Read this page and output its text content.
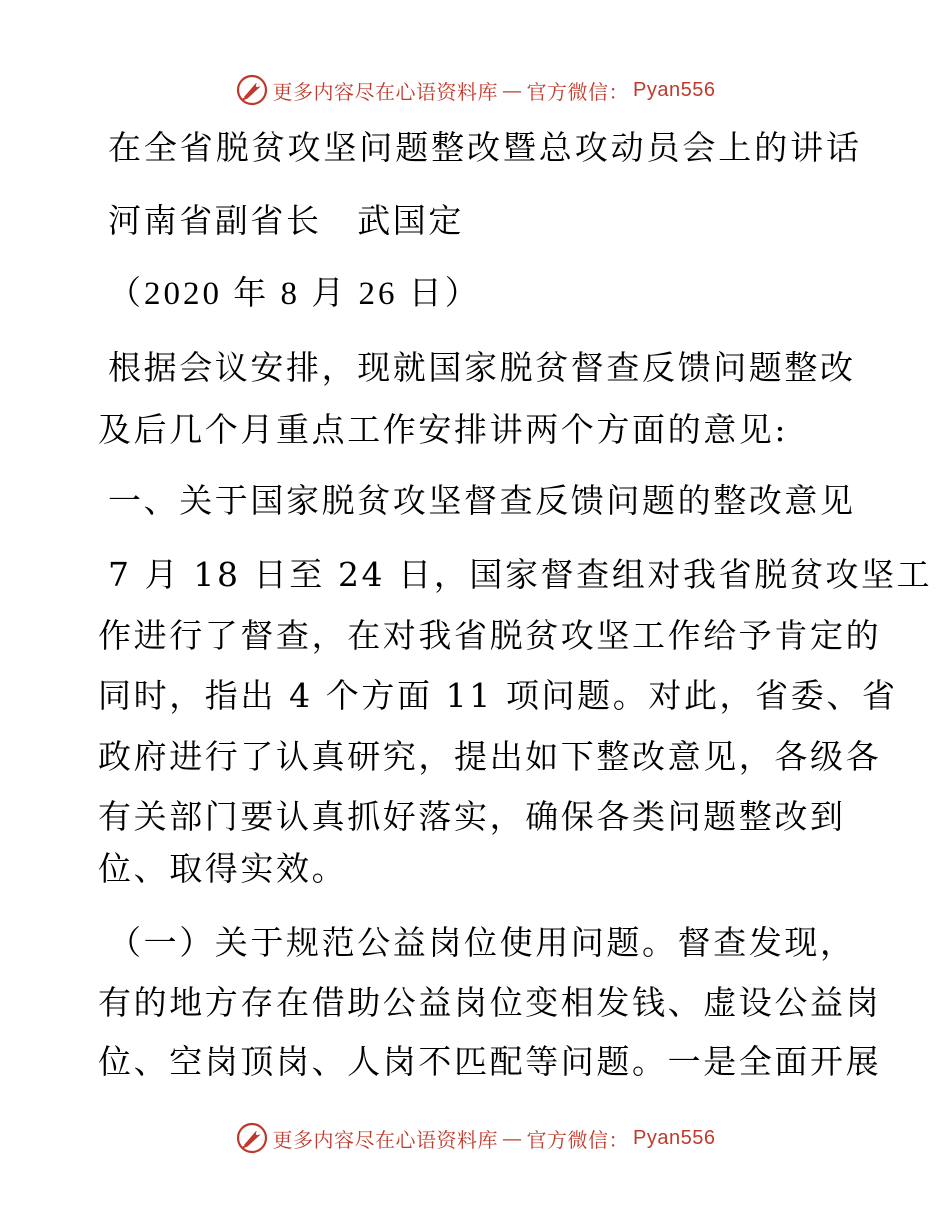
更多内容尽在心语资料库 — 官方微信： Pyan556
在全省脱贫攻坚问题整改暨总攻动员会上的讲话
河南省副省长　武国定
（2020 年 8 月 26 日）
根据会议安排，现就国家脱贫督查反馈问题整改
及后几个月重点工作安排讲两个方面的意见:
一、关于国家脱贫攻坚督查反馈问题的整改意见
7 月 18 日至 24 日，国家督查组对我省脱贫攻坚工
作进行了督查，在对我省脱贫攻坚工作给予肯定的
同时，指出 4 个方面 11 项问题。对此，省委、省
政府进行了认真研究，提出如下整改意见，各级各
有关部门要认真抓好落实，确保各类问题整改到
位、取得实效。
（一）关于规范公益岗位使用问题。督查发现，
有的地方存在借助公益岗位变相发钱、虚设公益岗
位、空岗顶岗、人岗不匹配等问题。一是全面开展
更多内容尽在心语资料库 — 官方微信： Pyan556
